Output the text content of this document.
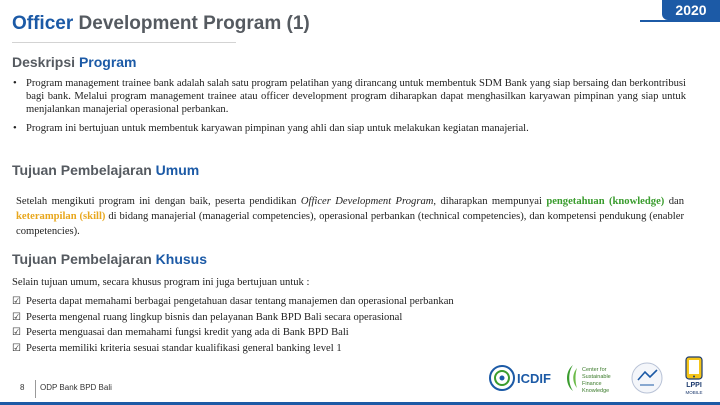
Officer Development Program (1)
2020
Deskripsi Program
• Program management trainee bank adalah salah satu program pelatihan yang dirancang untuk membentuk SDM Bank yang siap bersaing dan berkontribusi bagi bank. Melalui program management trainee atau officer development program diharapkan dapat menghasilkan karyawan pimpinan yang siap untuk menjalankan manajerial operasional perbankan.
• Program ini bertujuan untuk membentuk karyawan pimpinan yang ahli dan siap untuk melakukan kegiatan manajerial.
Tujuan Pembelajaran Umum

Setelah mengikuti program ini dengan baik, peserta pendidikan Officer Development Program, diharapkan mempunyai pengetahuan (knowledge) dan keterampilan (skill) di bidang manajerial (managerial competencies), operasional perbankan (technical competencies), dan kompetensi pendukung (enabler competencies).

Tujuan Pembelajaran Khusus

Selain tujuan umum, secara khusus program ini juga bertujuan untuk :

☑ Peserta dapat memahami berbagai pengetahuan dasar tentang manajemen dan operasional perbankan
☑ Peserta mengenal ruang lingkup bisnis dan pelayanan Bank BPD Bali secara operasional
☑ Peserta menguasai dan memahami fungsi kredit yang ada di Bank BPD Bali
☑ Peserta memiliki kriteria sesuai standar kualifikasi general banking level 1
8 ODP Bank BPD Bali
ICDIF
Center for
Sustainable
Finance
Knowledge
LPPI
MOBILE
